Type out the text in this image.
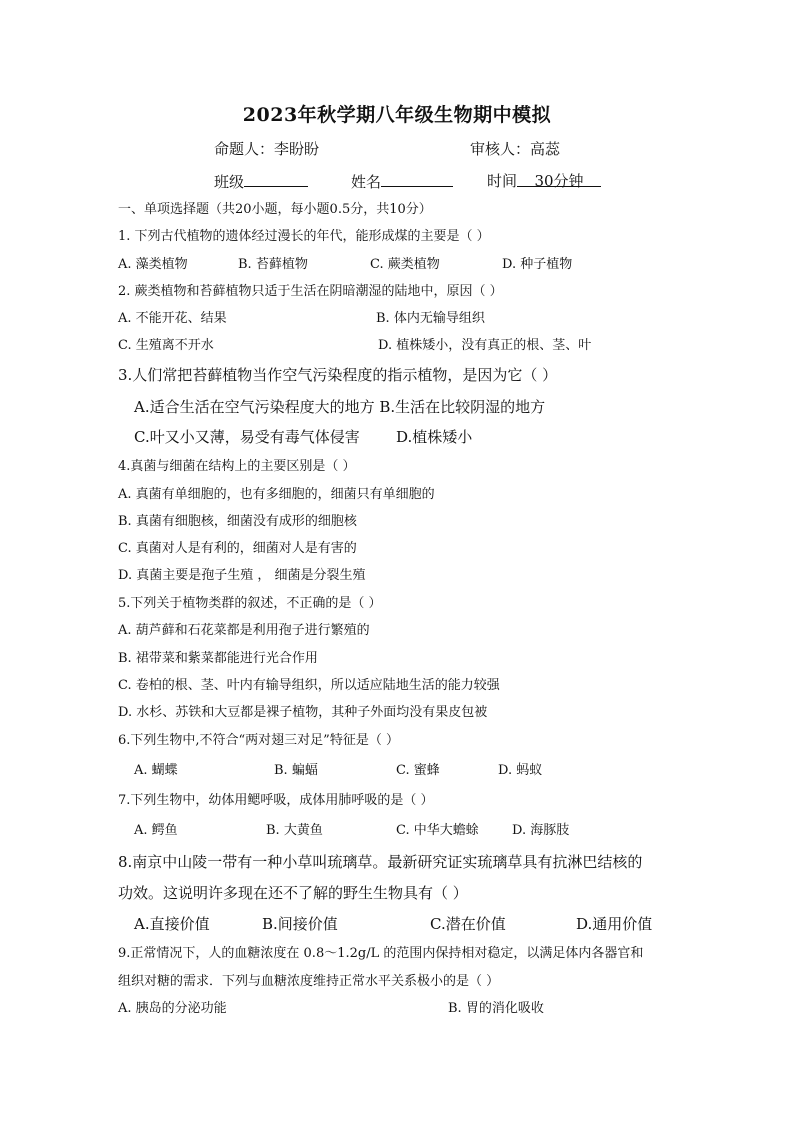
2023年秋学期八年级生物期中模拟
命题人：李盼盼	审核人：高蕊
班级	姓名	时间 30分钟
一、单项选择题（共20小题，每小题0.5分，共10分）
1. 下列古代植物的遗体经过漫长的年代，能形成煤的主要是（ ）
A. 藻类植物	B. 苔藓植物	C. 蕨类植物	D. 种子植物
2. 蕨类植物和苔藓植物只适于生活在阴暗潮湿的陆地中，原因（ ）
A. 不能开花、结果	B. 体内无输导组织
C. 生殖离不开水	D. 植株矮小，没有真正的根、茎、叶
3.人们常把苔藓植物当作空气污染程度的指示植物，是因为它（ ）
A.适合生活在空气污染程度大的地方 B.生活在比较阴湿的地方
C.叶又小又薄，易受有毒气体侵害 D.植株矮小
4.真菌与细菌在结构上的主要区别是（ ）
A. 真菌有单细胞的，也有多细胞的，细菌只有单细胞的
B. 真菌有细胞核，细菌没有成形的细胞核
C. 真菌对人是有利的，细菌对人是有害的
D. 真菌主要是孢子生殖 ， 细菌是分裂生殖
5.下列关于植物类群的叙述，不正确的是（ ）
A. 葫芦藓和石花菜都是利用孢子进行繁殖的
B. 裙带菜和紫菜都能进行光合作用
C. 卷柏的根、茎、叶内有输导组织，所以适应陆地生活的能力较强
D. 水杉、苏铁和大豆都是裸子植物，其种子外面均没有果皮包被
6.下列生物中,不符合“两对翅三对足”特征是（ ）
A. 蝴蝶	B. 蝙蝠	C. 蜜蜂	D. 蚂蚁
7.下列生物中，幼体用鳃呼吸，成体用肺呼吸的是（ ）
A. 鳄鱼	B. 大黄鱼	C. 中华大蟾蜍	D. 海豚肢
8.南京中山陵一带有一种小草叫琉璃草。最新研究证实琉璃草具有抗淋巴结核的
功效。这说明许多现在还不了解的野生生物具有（ ）
A.直接价值	B.间接价值	C.潜在价值	D.通用价值
9.正常情况下，人的血糖浓度在 0.8～1.2g/L 的范围内保持相对稳定，以满足体内各器官和
组织对糖的需求．下列与血糖浓度维持正常水平关系极小的是（ ）
A. 胰岛的分泌功能	B. 胃的消化吸收
